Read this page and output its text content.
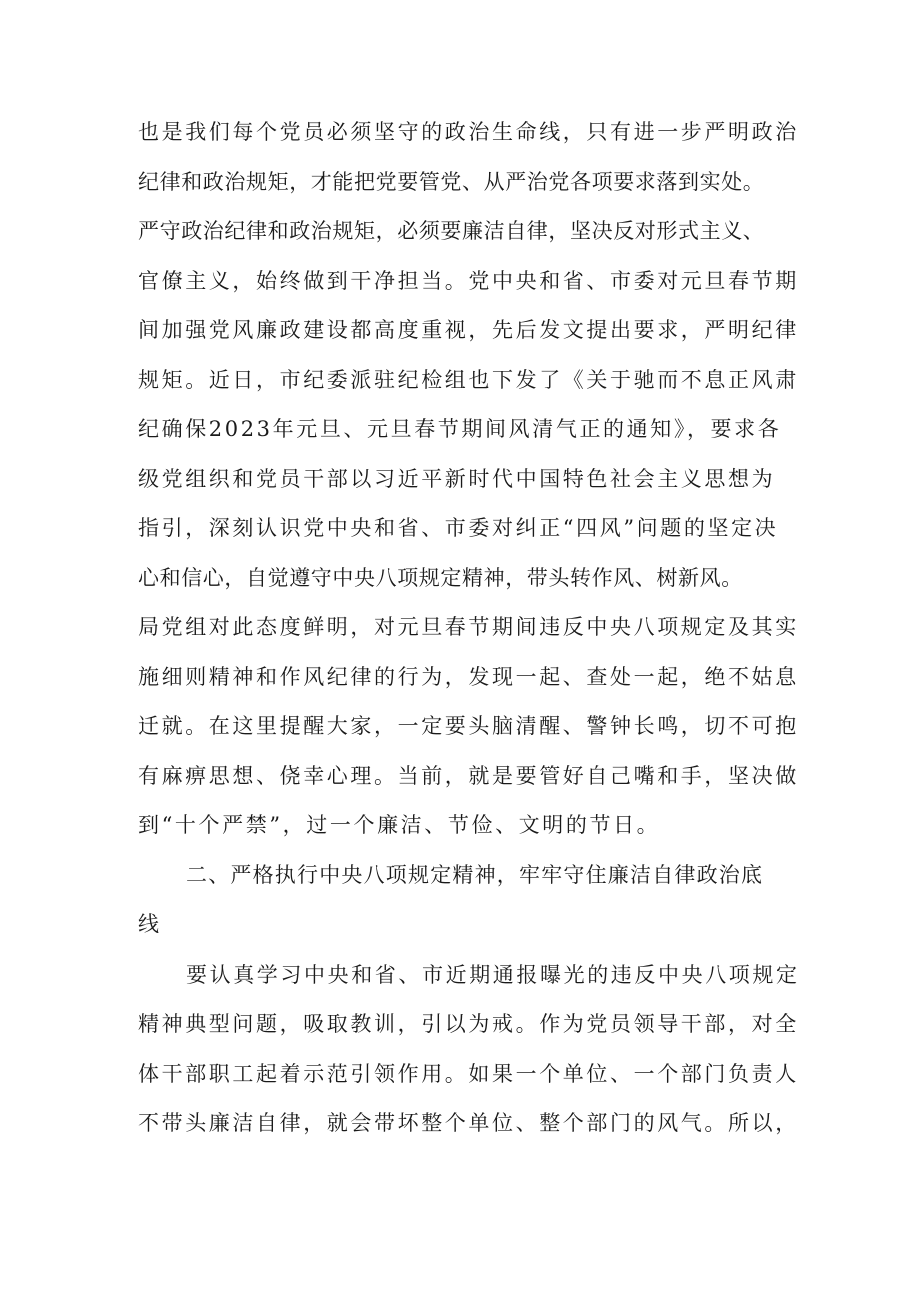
也是我们每个党员必须坚守的政治生命线，只有进一步严明政治
纪律和政治规矩，才能把党要管党、从严治党各项要求落到实处。
严守政治纪律和政治规矩，必须要廉洁自律，坚决反对形式主义、
官僚主义，始终做到干净担当。党中央和省、市委对元旦春节期
间加强党风廉政建设都高度重视，先后发文提出要求，严明纪律
规矩。近日，市纪委派驻纪检组也下发了《关于驰而不息正风肃
纪确保2023年元旦、元旦春节期间风清气正的通知》，要求各
级党组织和党员干部以习近平新时代中国特色社会主义思想为
指引，深刻认识党中央和省、市委对纠正“四风”问题的坚定决
心和信心，自觉遵守中央八项规定精神，带头转作风、树新风。
局党组对此态度鲜明，对元旦春节期间违反中央八项规定及其实
施细则精神和作风纪律的行为，发现一起、查处一起，绝不姑息
迁就。在这里提醒大家，一定要头脑清醒、警钟长鸣，切不可抱
有麻痹思想、侥幸心理。当前，就是要管好自己嘴和手，坚决做
到“十个严禁”，过一个廉洁、节俭、文明的节日。
二、严格执行中央八项规定精神，牢牢守住廉洁自律政治底
线
要认真学习中央和省、市近期通报曝光的违反中央八项规定
精神典型问题，吸取教训，引以为戒。作为党员领导干部，对全
体干部职工起着示范引领作用。如果一个单位、一个部门负责人
不带头廉洁自律，就会带坏整个单位、整个部门的风气。所以，
